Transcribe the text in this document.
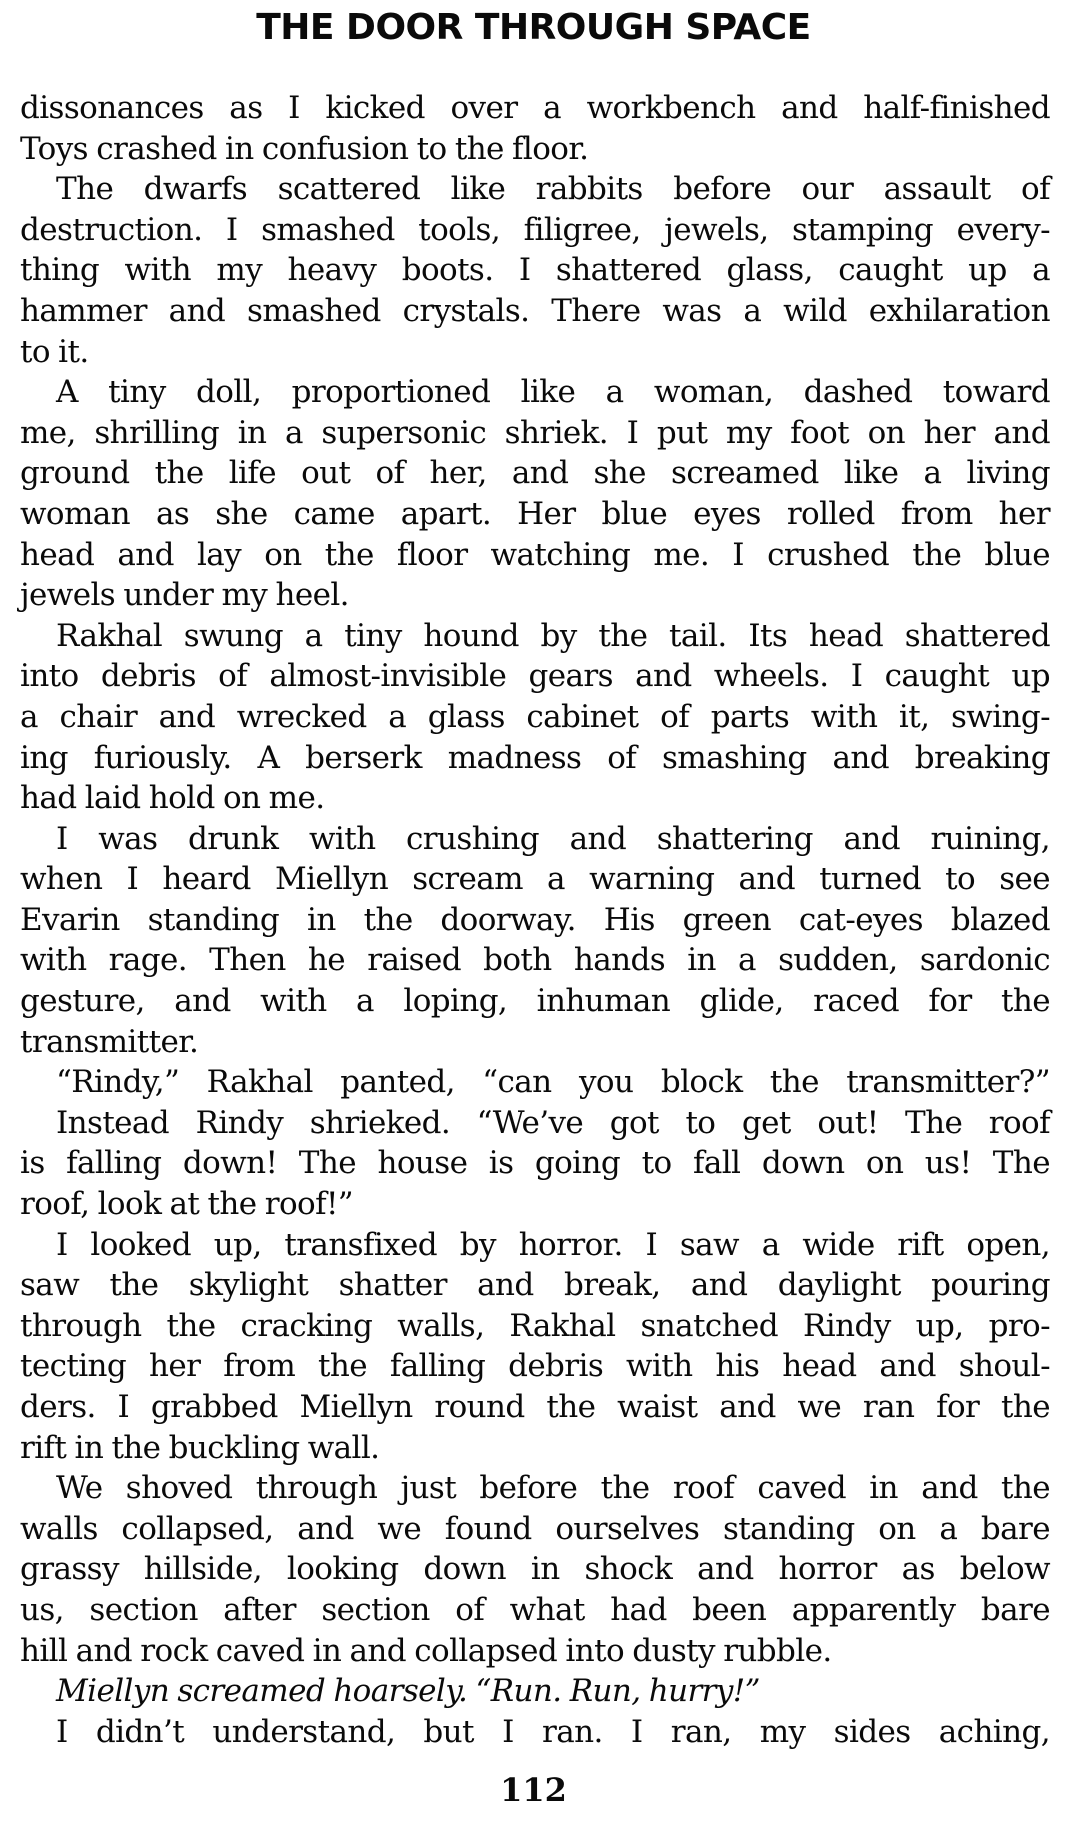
THE DOOR THROUGH SPACE
dissonances as I kicked over a workbench and half-finished
Toys crashed in confusion to the floor.
The dwarfs scattered like rabbits before our assault of
destruction. I smashed tools, filigree, jewels, stamping every-
thing with my heavy boots. I shattered glass, caught up a
hammer and smashed crystals. There was a wild exhilaration
to it.
A tiny doll, proportioned like a woman, dashed toward
me, shrilling in a supersonic shriek. I put my foot on her and
ground the life out of her, and she screamed like a living
woman as she came apart. Her blue eyes rolled from her
head and lay on the floor watching me. I crushed the blue
jewels under my heel.
Rakhal swung a tiny hound by the tail. Its head shattered
into debris of almost-invisible gears and wheels. I caught up
a chair and wrecked a glass cabinet of parts with it, swing-
ing furiously. A berserk madness of smashing and breaking
had laid hold on me.
I was drunk with crushing and shattering and ruining,
when I heard Miellyn scream a warning and turned to see
Evarin standing in the doorway. His green cat-eyes blazed
with rage. Then he raised both hands in a sudden, sardonic
gesture, and with a loping, inhuman glide, raced for the
transmitter.
“Rindy,” Rakhal panted, “can you block the transmitter?”
Instead Rindy shrieked. “We’ve got to get out! The roof
is falling down! The house is going to fall down on us! The
roof, look at the roof!”
I looked up, transfixed by horror. I saw a wide rift open,
saw the skylight shatter and break, and daylight pouring
through the cracking walls, Rakhal snatched Rindy up, pro-
tecting her from the falling debris with his head and shoul-
ders. I grabbed Miellyn round the waist and we ran for the
rift in the buckling wall.
We shoved through just before the roof caved in and the
walls collapsed, and we found ourselves standing on a bare
grassy hillside, looking down in shock and horror as below
us, section after section of what had been apparently bare
hill and rock caved in and collapsed into dusty rubble.
Miellyn screamed hoarsely. “Run. Run, hurry!”
I didn’t understand, but I ran. I ran, my sides aching,
112
